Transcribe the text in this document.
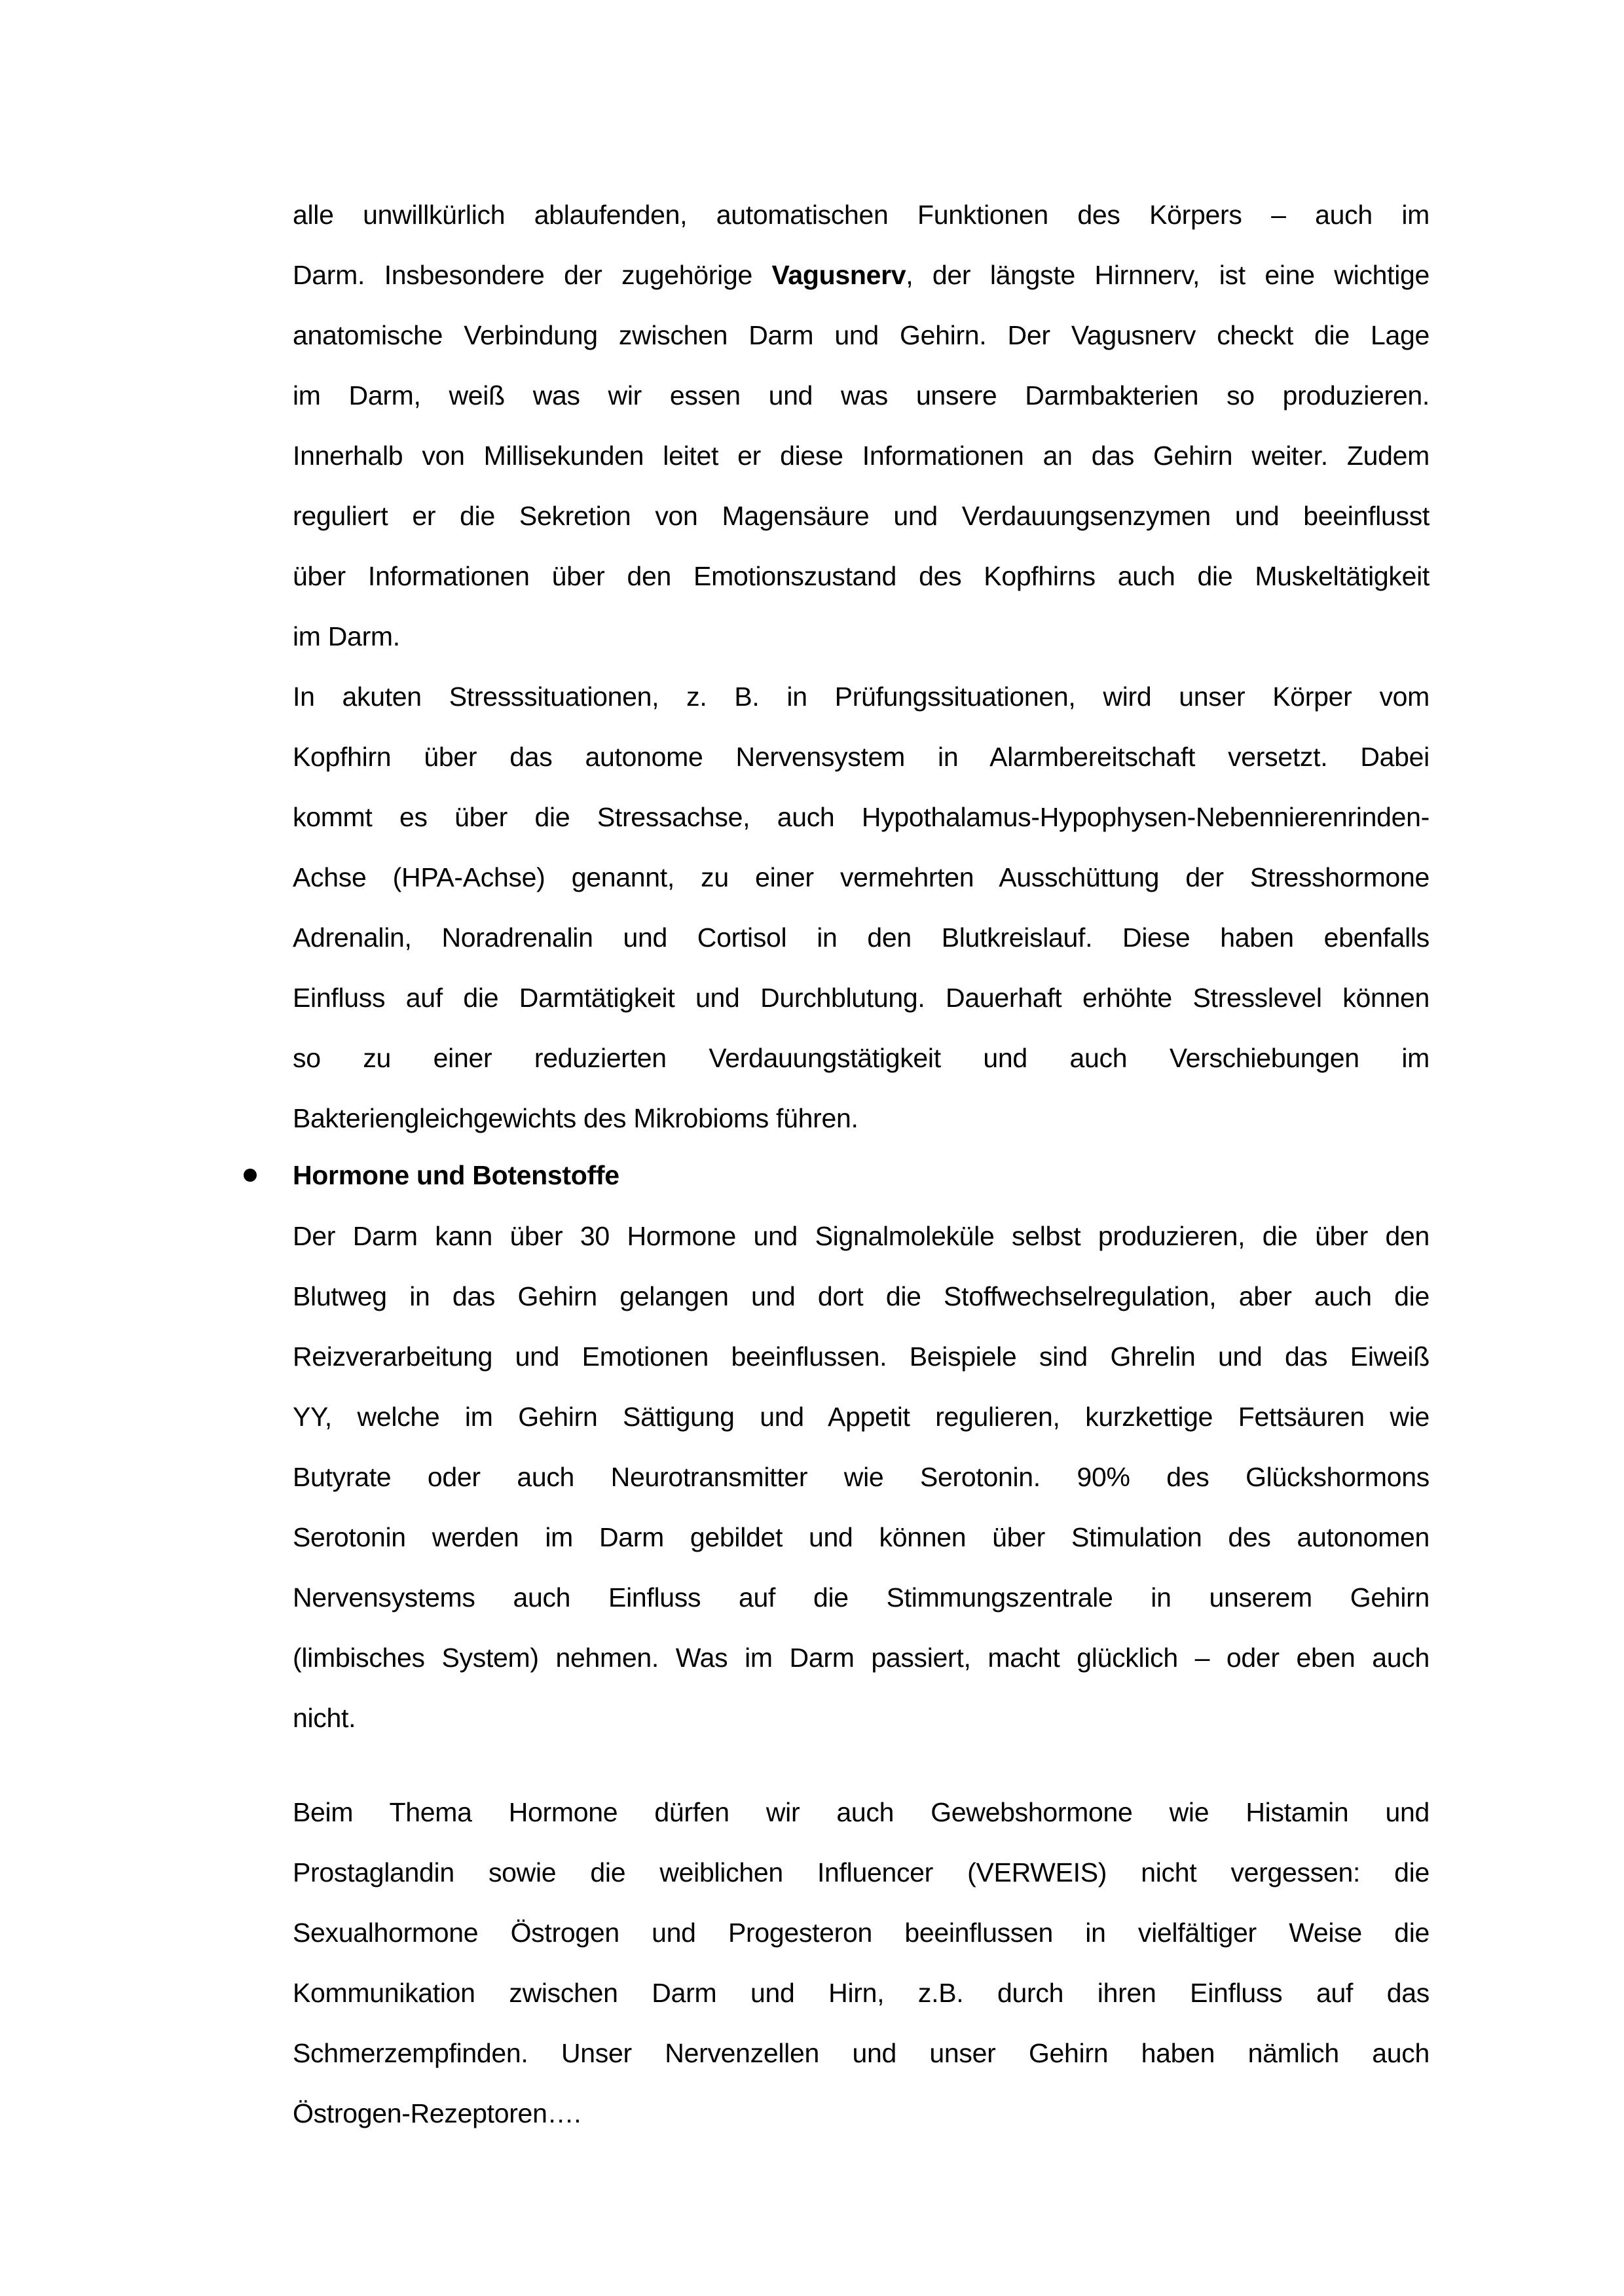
alle unwillkürlich ablaufenden, automatischen Funktionen des Körpers – auch im
Darm. Insbesondere der zugehörige Vagusnerv, der längste Hirnnerv, ist eine wichtige
anatomische Verbindung zwischen Darm und Gehirn. Der Vagusnerv checkt die Lage
im Darm, weiß was wir essen und was unsere Darmbakterien so produzieren.
Innerhalb von Millisekunden leitet er diese Informationen an das Gehirn weiter. Zudem
reguliert er die Sekretion von Magensäure und Verdauungsenzymen und beeinflusst
über Informationen über den Emotionszustand des Kopfhirns auch die Muskeltätigkeit
im Darm.
In akuten Stresssituationen, z. B. in Prüfungssituationen, wird unser Körper vom
Kopfhirn über das autonome Nervensystem in Alarmbereitschaft versetzt. Dabei
kommt es über die Stressachse, auch Hypothalamus-Hypophysen-Nebennierenrinden-
Achse (HPA-Achse) genannt, zu einer vermehrten Ausschüttung der Stresshormone
Adrenalin, Noradrenalin und Cortisol in den Blutkreislauf. Diese haben ebenfalls
Einfluss auf die Darmtätigkeit und Durchblutung. Dauerhaft erhöhte Stresslevel können
so zu einer reduzierten Verdauungstätigkeit und auch Verschiebungen im
Bakteriengleichgewichts des Mikrobioms führen.
Hormone und Botenstoffe
Der Darm kann über 30 Hormone und Signalmoleküle selbst produzieren, die über den
Blutweg in das Gehirn gelangen und dort die Stoffwechselregulation, aber auch die
Reizverarbeitung und Emotionen beeinflussen. Beispiele sind Ghrelin und das Eiweiß
YY, welche im Gehirn Sättigung und Appetit regulieren, kurzkettige Fettsäuren wie
Butyrate oder auch Neurotransmitter wie Serotonin. 90% des Glückshormons
Serotonin werden im Darm gebildet und können über Stimulation des autonomen
Nervensystems auch Einfluss auf die Stimmungszentrale in unserem Gehirn
(limbisches System) nehmen. Was im Darm passiert, macht glücklich – oder eben auch
nicht.
Beim Thema Hormone dürfen wir auch Gewebshormone wie Histamin und
Prostaglandin sowie die weiblichen Influencer (VERWEIS) nicht vergessen: die
Sexualhormone Östrogen und Progesteron beeinflussen in vielfältiger Weise die
Kommunikation zwischen Darm und Hirn, z.B. durch ihren Einfluss auf das
Schmerzempfinden. Unser Nervenzellen und unser Gehirn haben nämlich auch
Östrogen-Rezeptoren….
